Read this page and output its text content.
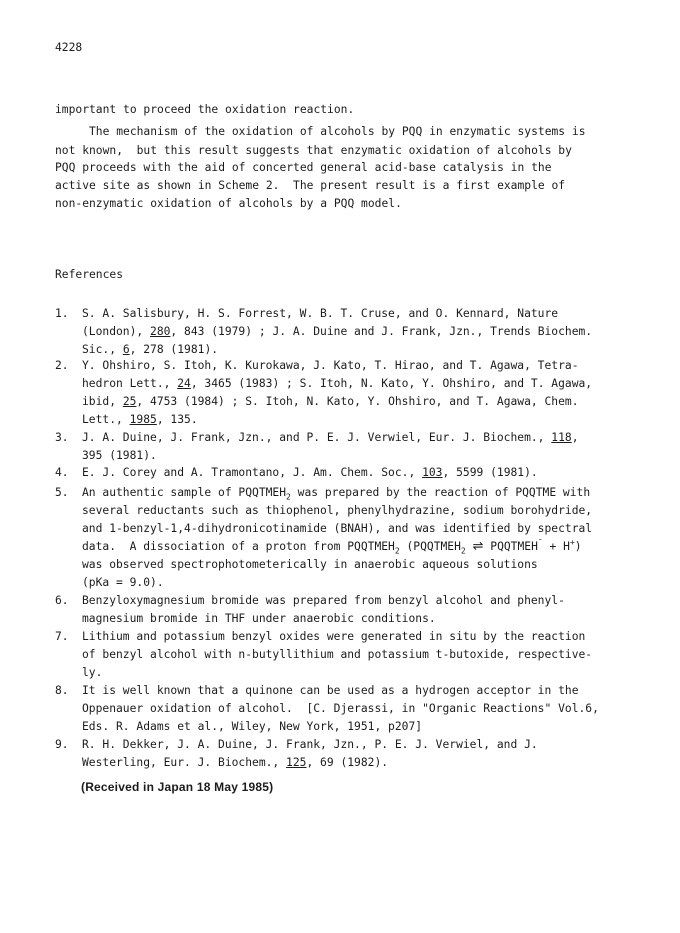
4228
important to proceed the oxidation reaction.
The mechanism of the oxidation of alcohols by PQQ in enzymatic systems is
not known,  but this result suggests that enzymatic oxidation of alcohols by
PQQ proceeds with the aid of concerted general acid-base catalysis in the
active site as shown in Scheme 2.  The present result is a first example of
non-enzymatic oxidation of alcohols by a PQQ model.
References
1. S. A. Salisbury, H. S. Forrest, W. B. T. Cruse, and O. Kennard, Nature
(London), 280, 843 (1979) ; J. A. Duine and J. Frank, Jzn., Trends Biochem.
Sic., 6, 278 (1981).
2. Y. Ohshiro, S. Itoh, K. Kurokawa, J. Kato, T. Hirao, and T. Agawa, Tetra-
hedron Lett., 24, 3465 (1983) ; S. Itoh, N. Kato, Y. Ohshiro, and T. Agawa,
ibid, 25, 4753 (1984) ; S. Itoh, N. Kato, Y. Ohshiro, and T. Agawa, Chem.
Lett., 1985, 135.
3. J. A. Duine, J. Frank, Jzn., and P. E. J. Verwiel, Eur. J. Biochem., 118,
395 (1981).
4. E. J. Corey and A. Tramontano, J. Am. Chem. Soc., 103, 5599 (1981).
5. An authentic sample of $PQQTMEH_2$ was prepared by the reaction of PQQTME with
several reductants such as thiophenol, phenylhydrazine, sodium borohydride,
and 1-benzyl-1,4-dihydronicotinamide (BNAH), and was identified by spectral
data.  A dissociation of a proton from $PQQTMEH_2$ ($PQQTMEH_2$ ⇌ PQQTMEH¯ + H+)
was observed spectrophotometerically in anaerobic aqueous solutions
(pKa = 9.0).
6. Benzyloxymagnesium bromide was prepared from benzyl alcohol and phenyl-
magnesium bromide in THF under anaerobic conditions.
7. Lithium and potassium benzyl oxides were generated in situ by the reaction
of benzyl alcohol with n-butyllithium and potassium t-butoxide, respective-
ly.
8. It is well known that a quinone can be used as a hydrogen acceptor in the
Oppenauer oxidation of alcohol.  [C. Djerassi, in "Organic Reactions" Vol.6,
Eds. R. Adams et al., Wiley, New York, 1951, p207]
9. R. H. Dekker, J. A. Duine, J. Frank, Jzn., P. E. J. Verwiel, and J.
Westerling, Eur. J. Biochem., 125, 69 (1982).
(Received in Japan 18 May 1985)
